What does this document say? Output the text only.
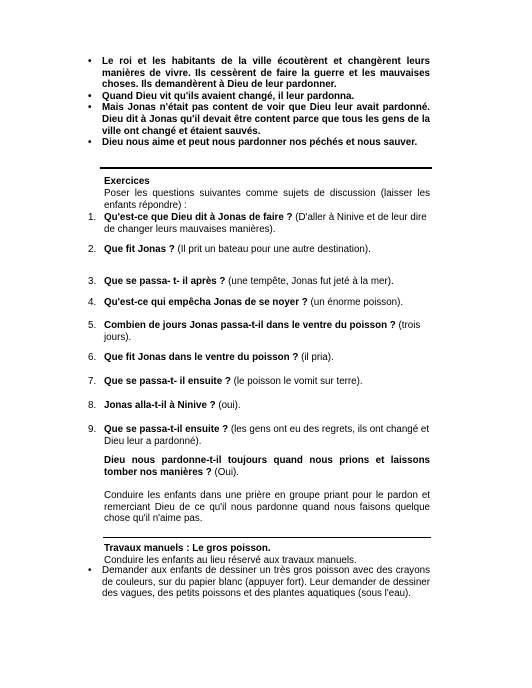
• Le roi et les habitants de la ville écoutèrent et changèrent leurs manières de vivre. Ils cessèrent de faire la guerre et les mauvaises choses. Ils demandèrent à Dieu de leur pardonner.
• Quand Dieu vit qu'ils avaient changé, il leur pardonna.
• Mais Jonas n'était pas content de voir que Dieu leur avait pardonné. Dieu dit à Jonas qu'il devait être content parce que tous les gens de la ville ont changé et étaient sauvés.
• Dieu nous aime et peut nous pardonner nos péchés et nous sauver.

Exercices

Poser les questions suivantes comme sujets de discussion (laisser les enfants répondre) :

1. Qu'est-ce que Dieu dit à Jonas de faire ? (D'aller à Ninive et de leur dire de changer leurs mauvaises manières).
2. Que fit Jonas ? (Il prit un bateau pour une autre destination).
3. Que se passa- t- il après ? (une tempête, Jonas fut jeté à la mer).
4. Qu'est-ce qui empêcha Jonas de se noyer ? (un énorme poisson).
5. Combien de jours Jonas passa-t-il dans le ventre du poisson ? (trois jours).
6. Que fit Jonas dans le ventre du poisson ? (il pria).
7. Que se passa-t- il ensuite ? (le poisson le vomit sur terre).
8. Jonas alla-t-il à Ninive ? (oui).
9. Que se passa-t-il ensuite ? (les gens ont eu des regrets, ils ont changé et Dieu leur a pardonné).

Dieu nous pardonne-t-il toujours quand nous prions et laissons tomber nos manières ? (Oui).

Conduire les enfants dans une prière en groupe priant pour le pardon et remerciant Dieu de ce qu'il nous pardonne quand nous faisons quelque chose qu'il n'aime pas.

Travaux manuels : Le gros poisson.

Conduire les enfants au lieu réservé aux travaux manuels.

• Demander aux enfants de dessiner un très gros poisson avec des crayons de couleurs, sur du papier blanc (appuyer fort). Leur demander de dessiner des vagues, des petits poissons et des plantes aquatiques (sous l'eau).
